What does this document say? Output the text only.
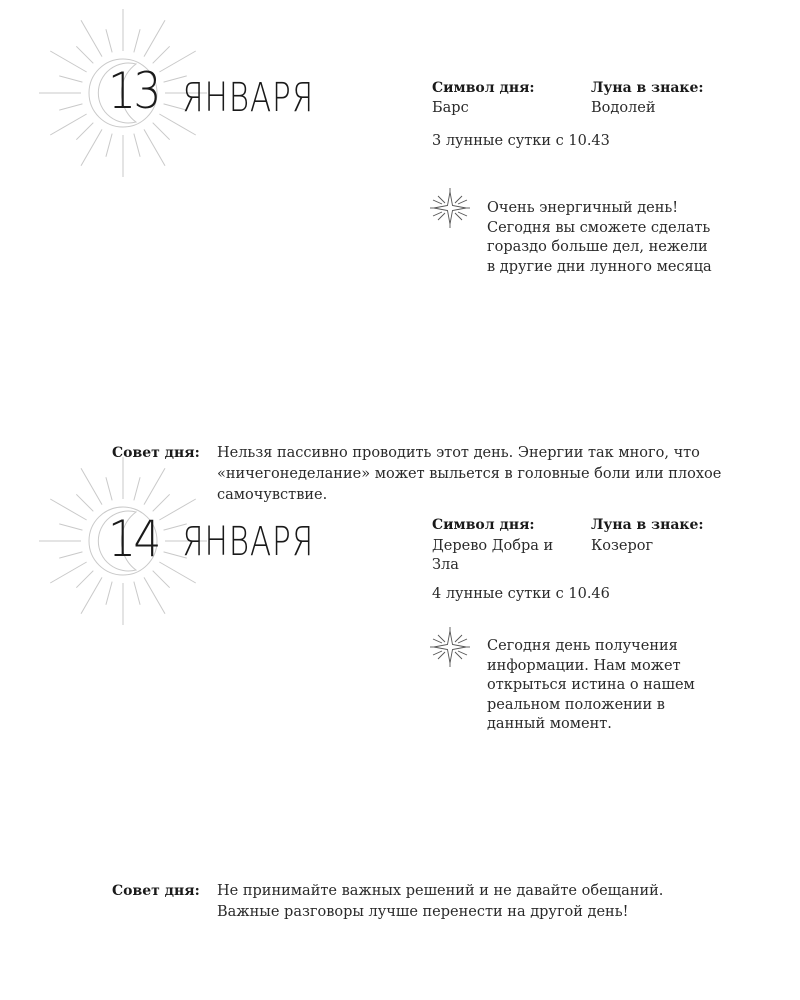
13 ЯНВАРЯ	Символ дня:
Барс
Луна в знаке:
Водолей
3 лунные сутки с 10.43
Очень энергичный день! Сегодня вы сможете сделать гораздо больше дел, нежели в другие дни лунного месяца
Совет дня: Нельзя пассивно проводить этот день. Энергии так много, что «ничегонеделание» может выльется в головные боли или плохое самочувствие.
14 ЯНВАРЯ	Символ дня:
Дерево Добра и Зла
Луна в знаке:
Козерог
4 лунные сутки с 10.46
Сегодня день получения информации. Нам может открыться истина о нашем реальном положении в данный момент.
Совет дня: Не принимайте важных решений и не давайте обещаний. Важные разговоры лучше перенести на другой день!
